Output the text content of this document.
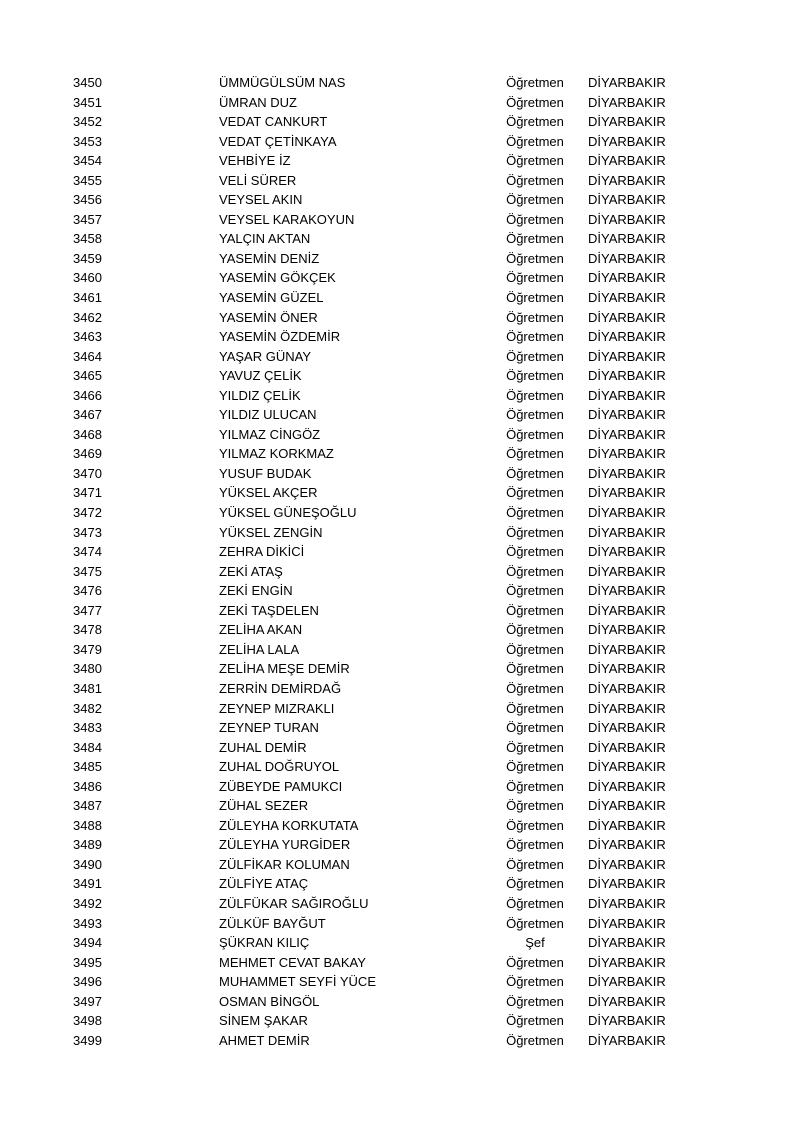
3450	ÜMMÜGÜLSÜM NAS	Öğretmen DİYARBAKIR
3451	ÜMRAN DUZ	Öğretmen DİYARBAKIR
3452	VEDAT CANKURT	Öğretmen DİYARBAKIR
3453	VEDAT ÇETİNKAYA	Öğretmen DİYARBAKIR
3454	VEHBİYE İZ	Öğretmen DİYARBAKIR
3455	VELİ SÜRER	Öğretmen DİYARBAKIR
3456	VEYSEL AKIN	Öğretmen DİYARBAKIR
3457	VEYSEL KARAKOYUN	Öğretmen DİYARBAKIR
3458	YALÇIN AKTAN	Öğretmen DİYARBAKIR
3459	YASEMİN DENİZ	Öğretmen DİYARBAKIR
3460	YASEMİN GÖKÇEK	Öğretmen DİYARBAKIR
3461	YASEMİN GÜZEL	Öğretmen DİYARBAKIR
3462	YASEMİN ÖNER	Öğretmen DİYARBAKIR
3463	YASEMİN ÖZDEMİR	Öğretmen DİYARBAKIR
3464	YAŞAR GÜNAY	Öğretmen DİYARBAKIR
3465	YAVUZ ÇELİK	Öğretmen DİYARBAKIR
3466	YILDIZ ÇELİK	Öğretmen DİYARBAKIR
3467	YILDIZ ULUCAN	Öğretmen DİYARBAKIR
3468	YILMAZ CİNGÖZ	Öğretmen DİYARBAKIR
3469	YILMAZ KORKMAZ	Öğretmen DİYARBAKIR
3470	YUSUF BUDAK	Öğretmen DİYARBAKIR
3471	YÜKSEL AKÇER	Öğretmen DİYARBAKIR
3472	YÜKSEL GÜNEŞOĞLU	Öğretmen DİYARBAKIR
3473	YÜKSEL ZENGİN	Öğretmen DİYARBAKIR
3474	ZEHRA DİKİCİ	Öğretmen DİYARBAKIR
3475	ZEKİ ATAŞ	Öğretmen DİYARBAKIR
3476	ZEKİ ENGİN	Öğretmen DİYARBAKIR
3477	ZEKİ TAŞDELEN	Öğretmen DİYARBAKIR
3478	ZELİHA AKAN	Öğretmen DİYARBAKIR
3479	ZELİHA LALA	Öğretmen DİYARBAKIR
3480	ZELİHA MEŞE DEMİR	Öğretmen DİYARBAKIR
3481	ZERRİN DEMİRDAĞ	Öğretmen DİYARBAKIR
3482	ZEYNEP MIZRAKLI	Öğretmen DİYARBAKIR
3483	ZEYNEP TURAN	Öğretmen DİYARBAKIR
3484	ZUHAL DEMİR	Öğretmen DİYARBAKIR
3485	ZUHAL DOĞRUYOL	Öğretmen DİYARBAKIR
3486	ZÜBEYDE PAMUKCI	Öğretmen DİYARBAKIR
3487	ZÜHAL SEZER	Öğretmen DİYARBAKIR
3488	ZÜLEYHA KORKUTATA	Öğretmen DİYARBAKIR
3489	ZÜLEYHA YURGİDER	Öğretmen DİYARBAKIR
3490	ZÜLFİKAR KOLUMAN	Öğretmen DİYARBAKIR
3491	ZÜLFİYE ATAÇ	Öğretmen DİYARBAKIR
3492	ZÜLFÜKAR SAĞIROĞLU	Öğretmen DİYARBAKIR
3493	ZÜLKÜF BAYĞUT	Öğretmen DİYARBAKIR
3494	ŞÜKRAN KILIÇ	Şef	DİYARBAKIR
3495	MEHMET CEVAT BAKAY	Öğretmen DİYARBAKIR
3496	MUHAMMET SEYFİ YÜCE	Öğretmen DİYARBAKIR
3497	OSMAN BİNGÖL	Öğretmen DİYARBAKIR
3498	SİNEM ŞAKAR	Öğretmen DİYARBAKIR
3499	AHMET DEMİR	Öğretmen DİYARBAKIR
